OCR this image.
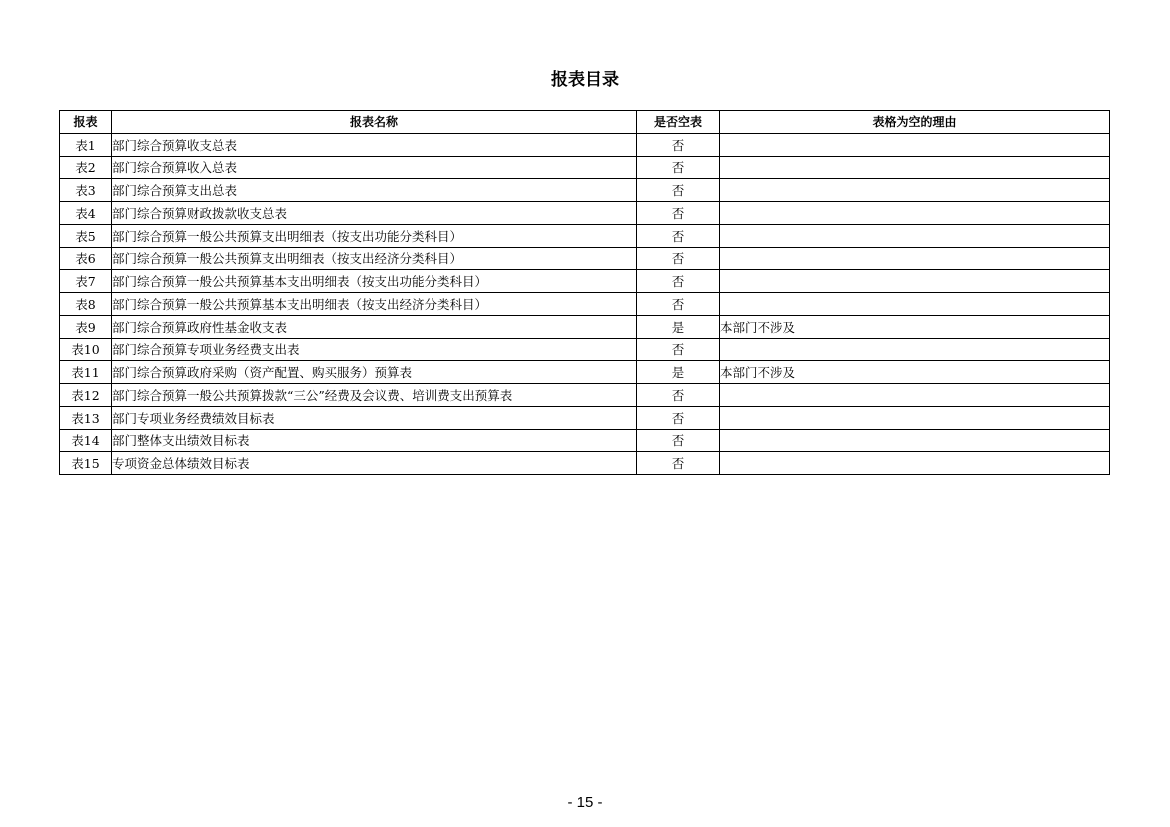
报表目录
报表	报表名称	是否空表	表格为空的理由
表1	部门综合预算收支总表	否	
表2	部门综合预算收入总表	否	
表3	部门综合预算支出总表	否	
表4	部门综合预算财政拨款收支总表	否	
表5	部门综合预算一般公共预算支出明细表（按支出功能分类科目）	否	
表6	部门综合预算一般公共预算支出明细表（按支出经济分类科目）	否	
表7	部门综合预算一般公共预算基本支出明细表（按支出功能分类科目）	否	
表8	部门综合预算一般公共预算基本支出明细表（按支出经济分类科目）	否	
表9	部门综合预算政府性基金收支表	是	本部门不涉及
表10	部门综合预算专项业务经费支出表	否	
表11	部门综合预算政府采购（资产配置、购买服务）预算表	是	本部门不涉及
表12	部门综合预算一般公共预算拨款“三公”经费及会议费、培训费支出预算表	否	
表13	部门专项业务经费绩效目标表	否	
表14	部门整体支出绩效目标表	否	
表15	专项资金总体绩效目标表	否	
- 15 -
